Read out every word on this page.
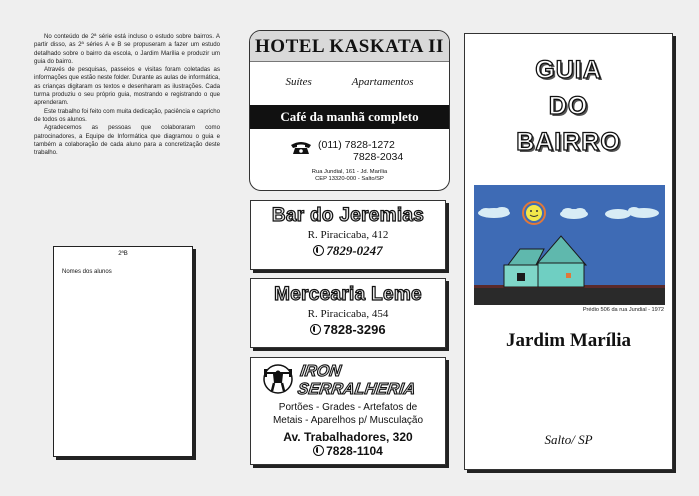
No conteúdo de 2ª série está incluso o estudo sobre bairros. A partir disso, as 2ª séries A e B se propuseram a fazer um estudo detalhado sobre o bairro da escola, o Jardim Marília e produzir um guia do bairro.

Através de pesquisas, passeios e visitas foram coletadas as informações que estão neste folder. Durante as aulas de informática, as crianças digitaram os textos e desenharam as ilustrações. Cada turma produziu o seu próprio guia, mostrando e registrando o que aprenderam.

Este trabalho foi feito com muita dedicação, paciência e capricho de todos os alunos.

Agradecemos as pessoas que colaboraram como patrocinadores, a Equipe de Informática que diagramou o guia e também a colaboração de cada aluno para a concretização deste trabalho.

2ªB
Nomes dos alunos
HOTEL KASKATA II
Suítes	Apartamentos
Café da manhã completo
(011) 7828-1272
7828-2034
Rua Jundial, 161 - Jd. Marília
CEP 13320-000 - Salto/SP
Bar do Jeremias
R. Piracicaba, 412
7829-0247
Mercearia Leme
R. Piracicaba, 454
7828-3296
IRON SERRALHERIA
Portões - Grades - Artefatos de
Metais - Aparelhos p/ Musculação
Av. Trabalhadores, 320
7828-1104
GUIA
DO
BAIRRO
Prédio 506 da rua Jundial - 1972
Jardim Marília
Salto/ SP
